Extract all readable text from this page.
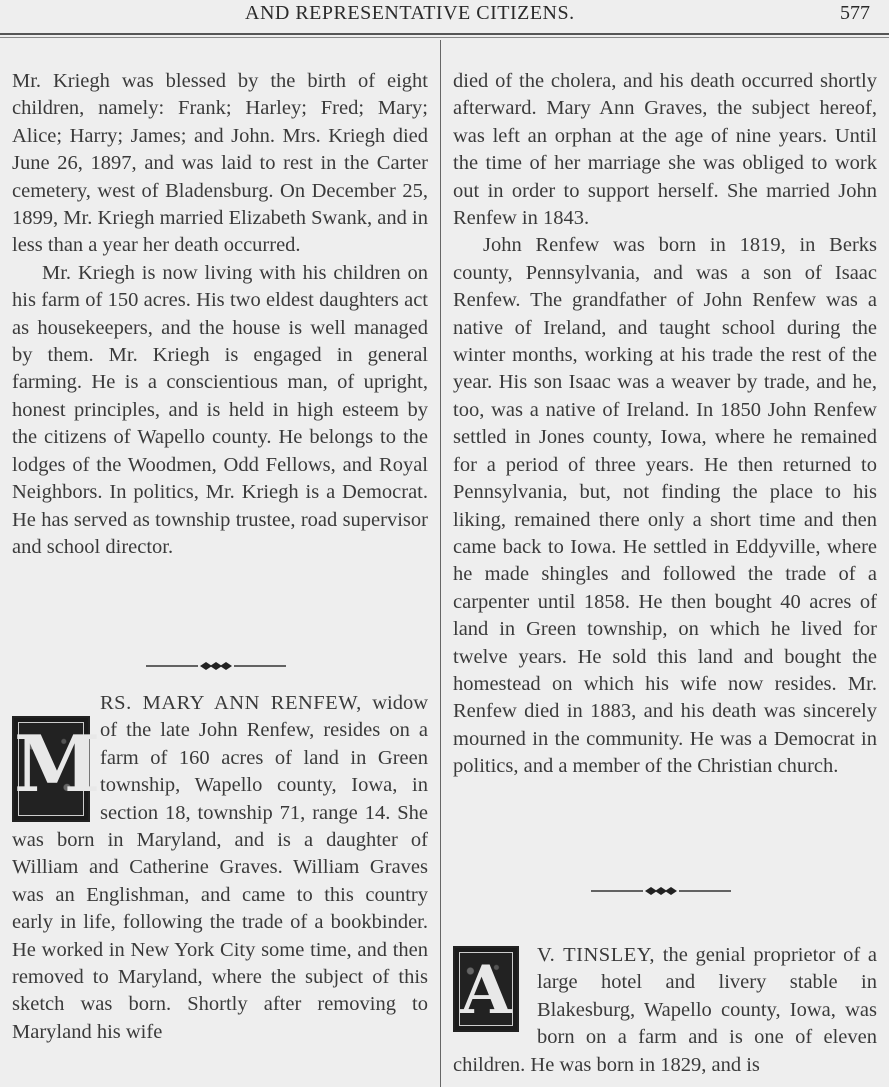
AND REPRESENTATIVE CITIZENS.	577

Mr. Kriegh was blessed by the birth of eight children, namely: Frank; Harley; Fred; Mary; Alice; Harry; James; and John. Mrs. Kriegh died June 26, 1897, and was laid to rest in the Carter cemetery, west of Bladensburg. On December 25, 1899, Mr. Kriegh married Elizabeth Swank, and in less than a year her death occurred.

Mr. Kriegh is now living with his children on his farm of 150 acres. His two eldest daughters act as housekeepers, and the house is well managed by them. Mr. Kriegh is engaged in general farming. He is a conscientious man, of upright, honest principles, and is held in high esteem by the citizens of Wapello county. He belongs to the lodges of the Woodmen, Odd Fellows, and Royal Neighbors. In politics, Mr. Kriegh is a Democrat. He has served as township trustee, road supervisor and school director.

M

RS. MARY ANN RENFEW, widow of the late John Renfew, resides on a farm of 160 acres of land in Green township, Wapello county, Iowa, in section 18, township 71, range 14. She was born in Maryland, and is a daughter of William and Catherine Graves. William Graves was an Englishman, and came to this country early in life, following the trade of a bookbinder. He worked in New York City some time, and then removed to Maryland, where the subject of this sketch was born. Shortly after removing to Maryland his wife

died of the cholera, and his death occurred shortly afterward. Mary Ann Graves, the subject hereof, was left an orphan at the age of nine years. Until the time of her marriage she was obliged to work out in order to support herself. She married John Renfew in 1843.

John Renfew was born in 1819, in Berks county, Pennsylvania, and was a son of Isaac Renfew. The grandfather of John Renfew was a native of Ireland, and taught school during the winter months, working at his trade the rest of the year. His son Isaac was a weaver by trade, and he, too, was a native of Ireland. In 1850 John Renfew settled in Jones county, Iowa, where he remained for a period of three years. He then returned to Pennsylvania, but, not finding the place to his liking, remained there only a short time and then came back to Iowa. He settled in Eddyville, where he made shingles and followed the trade of a carpenter until 1858. He then bought 40 acres of land in Green township, on which he lived for twelve years. He sold this land and bought the homestead on which his wife now resides. Mr. Renfew died in 1883, and his death was sincerely mourned in the community. He was a Democrat in politics, and a member of the Christian church.

A	V. TINSLEY, the genial proprietor of a large hotel and livery stable in Blakesburg, Wapello county, Iowa, was born on a farm and is one of eleven children. He was born in 1829, and is
